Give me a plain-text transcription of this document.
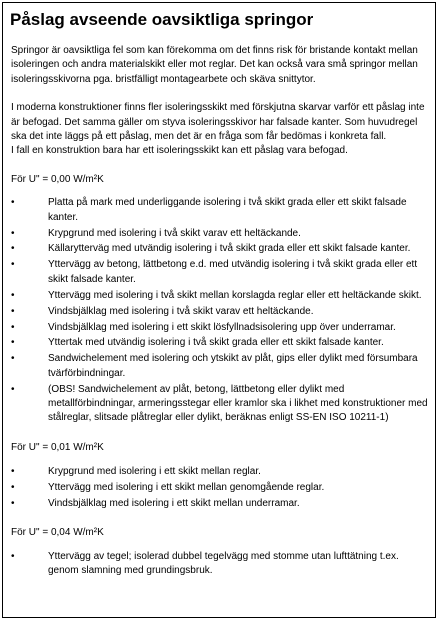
Påslag avseende oavsiktliga springor

Springor är oavsiktliga fel som kan förekomma om det finns risk för bristande kontakt mellan isoleringen och andra materialskikt eller mot reglar. Det kan också vara små springor mellan isoleringsskivorna pga. bristfälligt montagearbete och skäva snittytor.

I moderna konstruktioner finns fler isoleringsskikt med förskjutna skarvar varför ett påslag inte är befogad. Det samma gäller om styva isoleringsskivor har falsade kanter. Som huvudregel ska det inte läggs på ett påslag, men det är en fråga som får bedömas i konkreta fall.

I fall en konstruktion bara har ett isoleringsskikt kan ett påslag vara befogad.

För U" = 0,00 W/m²K

•	Platta på mark med underliggande isolering i två skikt grada eller ett skikt falsade kanter.
•	Krypgrund med isolering i två skikt varav ett heltäckande.
•	Källarytterväg med utvändig isolering i två skikt grada eller ett skikt falsade kanter.
•	Yttervägg av betong, lättbetong e.d. med utvändig isolering i två skikt grada eller ett skikt falsade kanter.
•	Yttervägg med isolering i två skikt mellan korslagda reglar eller ett heltäckande skikt.
•	Vindsbjälklag med isolering i två skikt varav ett heltäckande.
•	Vindsbjälklag med isolering i ett skikt lösfyllnadsisolering upp över underramar.
•	Yttertak med utvändig isolering i två skikt grada eller ett skikt falsade kanter.
•	Sandwichelement med isolering och ytskikt av plåt, gips eller dylikt med försumbara tvärförbindningar.
•	(OBS! Sandwichelement av plåt, betong, lättbetong eller dylikt med metallförbindningar, armeringsstegar eller kramlor ska i likhet med konstruktioner med stålreglar, slitsade plåtreglar eller dylikt, beräknas enligt SS-EN ISO 10211-1)

För U" = 0,01 W/m²K

•	Krypgrund med isolering i ett skikt mellan reglar.
•	Yttervägg med isolering i ett skikt mellan genomgående reglar.
•	Vindsbjälklag med isolering i ett skikt mellan underramar.

För U" = 0,04 W/m²K

•	Yttervägg av tegel; isolerad dubbel tegelvägg med stomme utan lufttätning t.ex. genom slamning med grundingsbruk.
